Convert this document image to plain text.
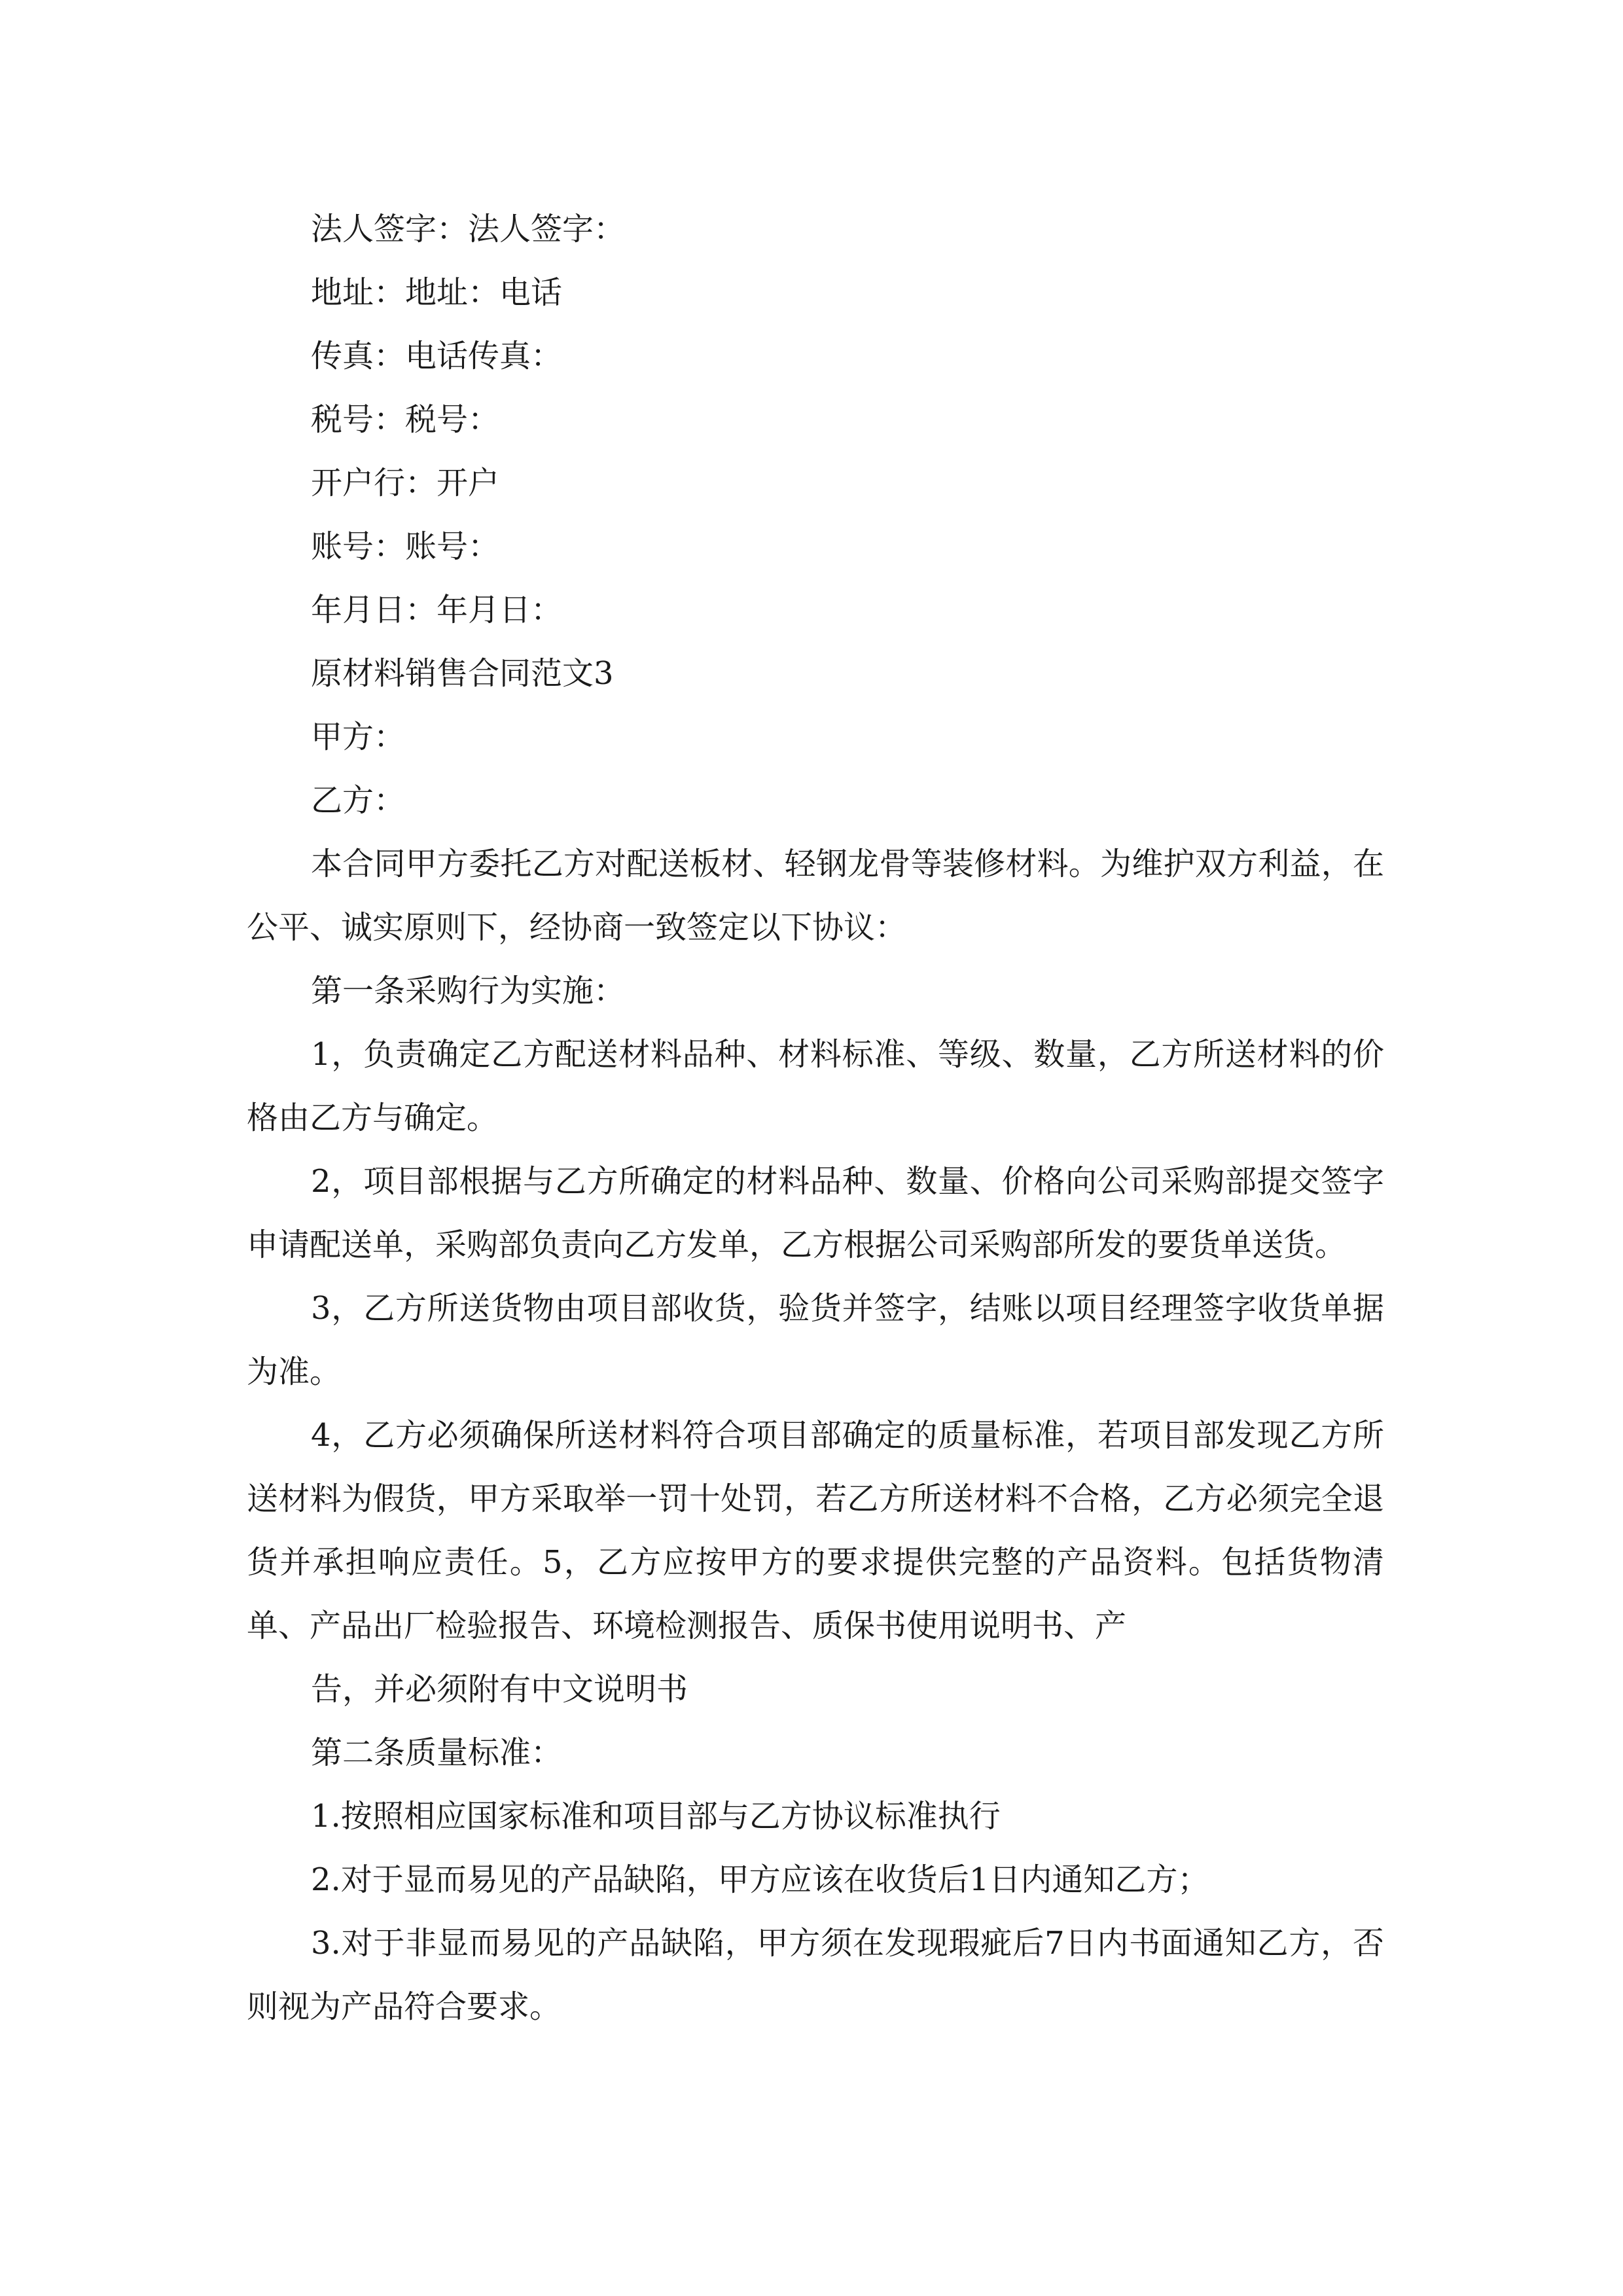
法人签字：法人签字：

地址：地址：电话

传真：电话传真：

税号：税号：

开户行：开户

账号：账号：

年月日：年月日：

原材料销售合同范文3

甲方：

乙方：

本合同甲方委托乙方对配送板材、轻钢龙骨等装修材料。为维护双方利益，在公平、诚实原则下，经协商一致签定以下协议：

第一条采购行为实施：

1，负责确定乙方配送材料品种、材料标准、等级、数量，乙方所送材料的价格由乙方与确定。

2，项目部根据与乙方所确定的材料品种、数量、价格向公司采购部提交签字申请配送单，采购部负责向乙方发单，乙方根据公司采购部所发的要货单送货。

3，乙方所送货物由项目部收货，验货并签字，结账以项目经理签字收货单据为准。

4，乙方必须确保所送材料符合项目部确定的质量标准，若项目部发现乙方所送材料为假货，甲方采取举一罚十处罚，若乙方所送材料不合格，乙方必须完全退货并承担响应责任。5，乙方应按甲方的要求提供完整的产品资料。包括货物清单、产品出厂检验报告、环境检测报告、质保书使用说明书、产

告，并必须附有中文说明书

第二条质量标准：

1.按照相应国家标准和项目部与乙方协议标准执行

2.对于显而易见的产品缺陷，甲方应该在收货后1日内通知乙方；

3.对于非显而易见的产品缺陷，甲方须在发现瑕疵后7日内书面通知乙方，否则视为产品符合要求。
